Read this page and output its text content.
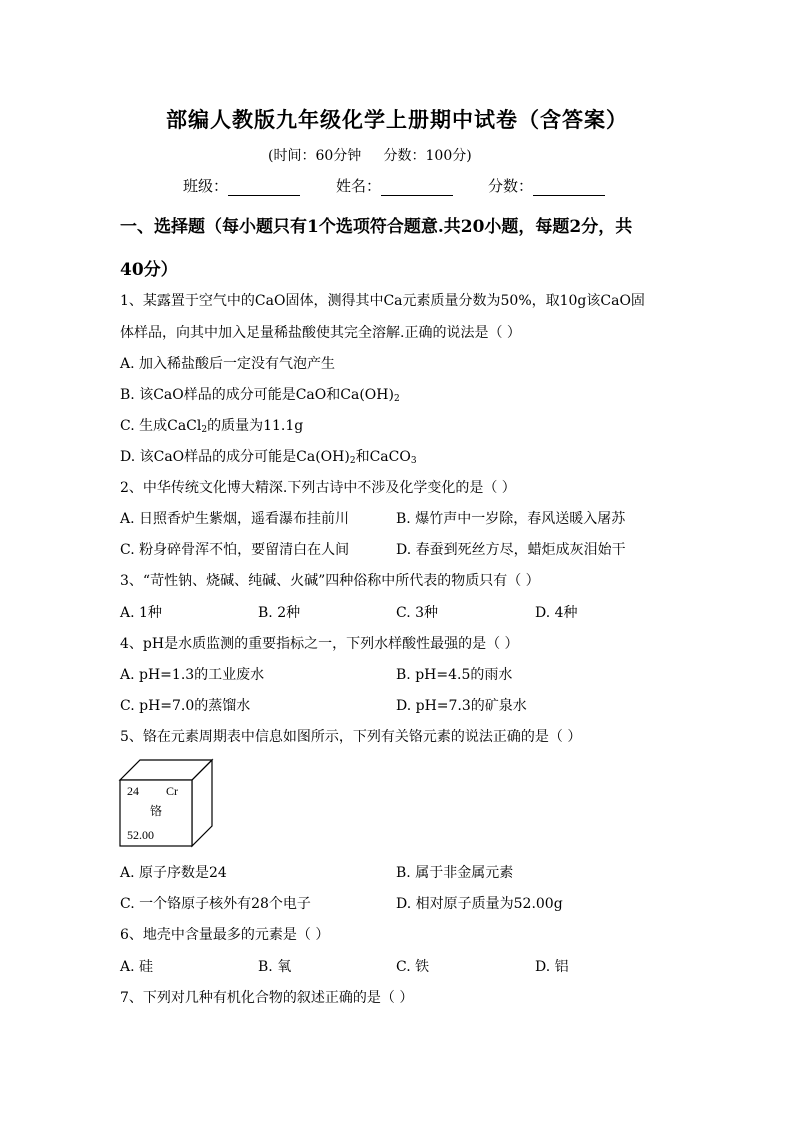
部编人教版九年级化学上册期中试卷（含答案）
(时间：60分钟     分数：100分)
班级：	姓名：	分数：
一、选择题（每小题只有1个选项符合题意.共20小题，每题2分，共
40分）
1、某露置于空气中的CaO固体，测得其中Ca元素质量分数为50%，取10g该CaO固
体样品，向其中加入足量稀盐酸使其完全溶解.正确的说法是（ ）
A. 加入稀盐酸后一定没有气泡产生
B. 该CaO样品的成分可能是CaO和$Ca(OH)_2$
C. 生成CaCl$_2$的质量为11.1g
D. 该CaO样品的成分可能是$Ca(OH)_2$和CaCO$_3$
2、中华传统文化博大精深.下列古诗中不涉及化学变化的是（ ）
A. 日照香炉生紫烟，遥看瀑布挂前川	B. 爆竹声中一岁除，春风送暖入屠苏
C. 粉身碎骨浑不怕，要留清白在人间	D. 春蚕到死丝方尽，蜡炬成灰泪始干
3、“苛性钠、烧碱、纯碱、火碱”四种俗称中所代表的物质只有（ ）
A. 1种	B. 2种	C. 3种	D. 4种
4、pH是水质监测的重要指标之一，下列水样酸性最强的是（ ）
A. pH=1.3的工业废水	B. pH=4.5的雨水
C. pH=7.0的蒸馏水	D. pH=7.3的矿泉水
5、铬在元素周期表中信息如图所示，下列有关铬元素的说法正确的是（ ）
24 Cr
铬
52.00
A. 原子序数是24	B. 属于非金属元素
C. 一个铬原子核外有28个电子	D. 相对原子质量为52.00g
6、地壳中含量最多的元素是（ ）
A. 硅	B. 氧	C. 铁	D. 铝
7、下列对几种有机化合物的叙述正确的是（ ）
